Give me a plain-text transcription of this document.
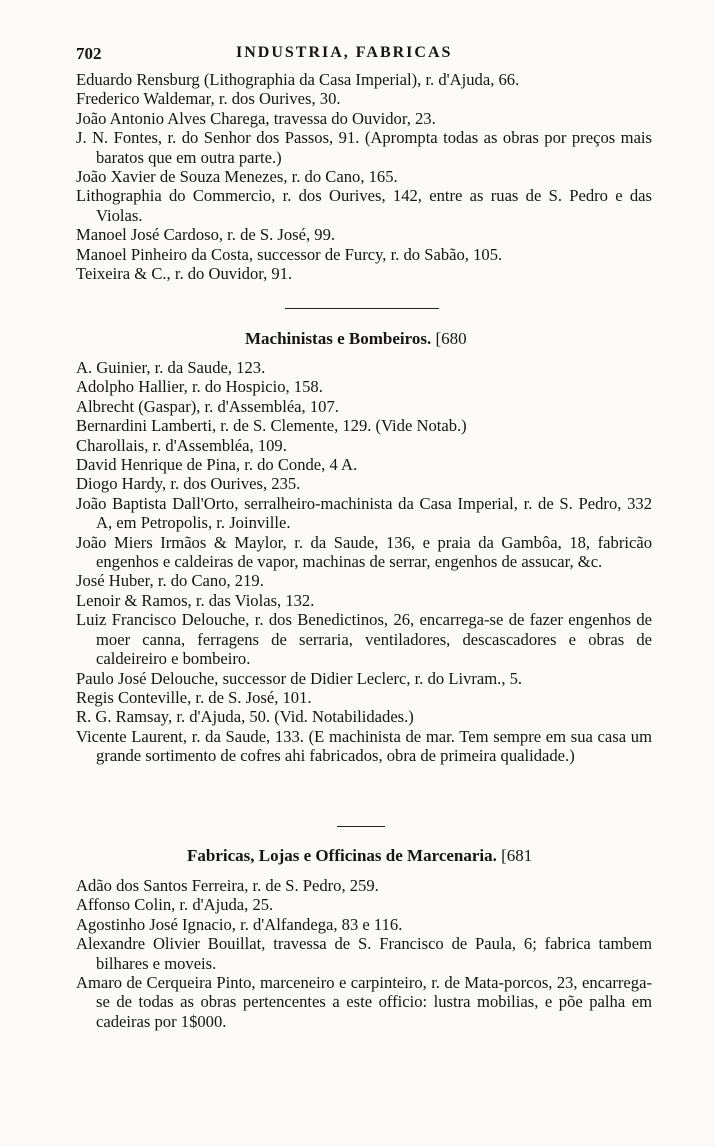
702	INDUSTRIA, FABRICAS
Eduardo Rensburg (Lithographia da Casa Imperial), r. d'Ajuda, 66.
Frederico Waldemar, r. dos Ourives, 30.
João Antonio Alves Charega, travessa do Ouvidor, 23.
J. N. Fontes, r. do Senhor dos Passos, 91. (Apromptа todas as obras por preços mais baratos que em outra parte.)
João Xavier de Souza Menezes, r. do Cano, 165.
Lithographia do Commercio, r. dos Ourives, 142, entre as ruas de S. Pedro e das Violas.
Manoel José Cardoso, r. de S. José, 99.
Manoel Pinheiro da Costa, successor de Furcy, r. do Sabão, 105.
Teixeira & C., r. do Ouvidor, 91.
Machinistas e Bombeiros. [680
A. Guinier, r. da Saude, 123.
Adolpho Hallier, r. do Hospicio, 158.
Albrecht (Gaspar), r. d'Assembléa, 107.
Bernardini Lamberti, r. de S. Clemente, 129. (Vide Notab.)
Charollais, r. d'Assembléa, 109.
David Henrique de Pina, r. do Conde, 4 A.
Diogo Hardy, r. dos Ourives, 235.
João Baptista Dall'Orto, serralheiro-machinista da Casa Imperial, r. de S. Pedro, 332 A, em Petropolis, r. Joinville.
João Miers Irmãos & Maylor, r. da Saude, 136, e praia da Gambôa, 18, fabricão engenhos e caldeiras de vapor, machinas de serrar, engenhos de assucar, &c.
José Huber, r. do Cano, 219.
Lenoir & Ramos, r. das Violas, 132.
Luiz Francisco Delouche, r. dos Benedictinos, 26, encarrega-se de fazer engenhos de moer canna, ferragens de serraria, ventiladores, descascadores e obras de caldeireiro e bombeiro.
Paulo José Delouche, successor de Didier Leclerc, r. do Livram., 5.
Regis Conteville, r. de S. José, 101.
R. G. Ramsay, r. d'Ajuda, 50. (Vid. Notabilidades.)
Vicente Laurent, r. da Saude, 133. (E machinista de mar. Tem sempre em sua casa um grande sortimento de cofres ahi fabricados, obra de primeira qualidade.)
Fabricas, Lojas e Officinas de Marcenaria. [681
Adão dos Santos Ferreira, r. de S. Pedro, 259.
Affonso Colin, r. d'Ajuda, 25.
Agostinho José Ignacio, r. d'Alfandega, 83 e 116.
Alexandre Olivier Bouillat, travessa de S. Francisco de Paula, 6; fabrica tambem bilhares e moveis.
Amaro de Cerqueira Pinto, marceneiro e carpinteiro, r. de Mata-porcos, 23, encarrega-se de todas as obras pertencentes a este officio: lustra mobilias, e põe palha em cadeiras por 1$000.
